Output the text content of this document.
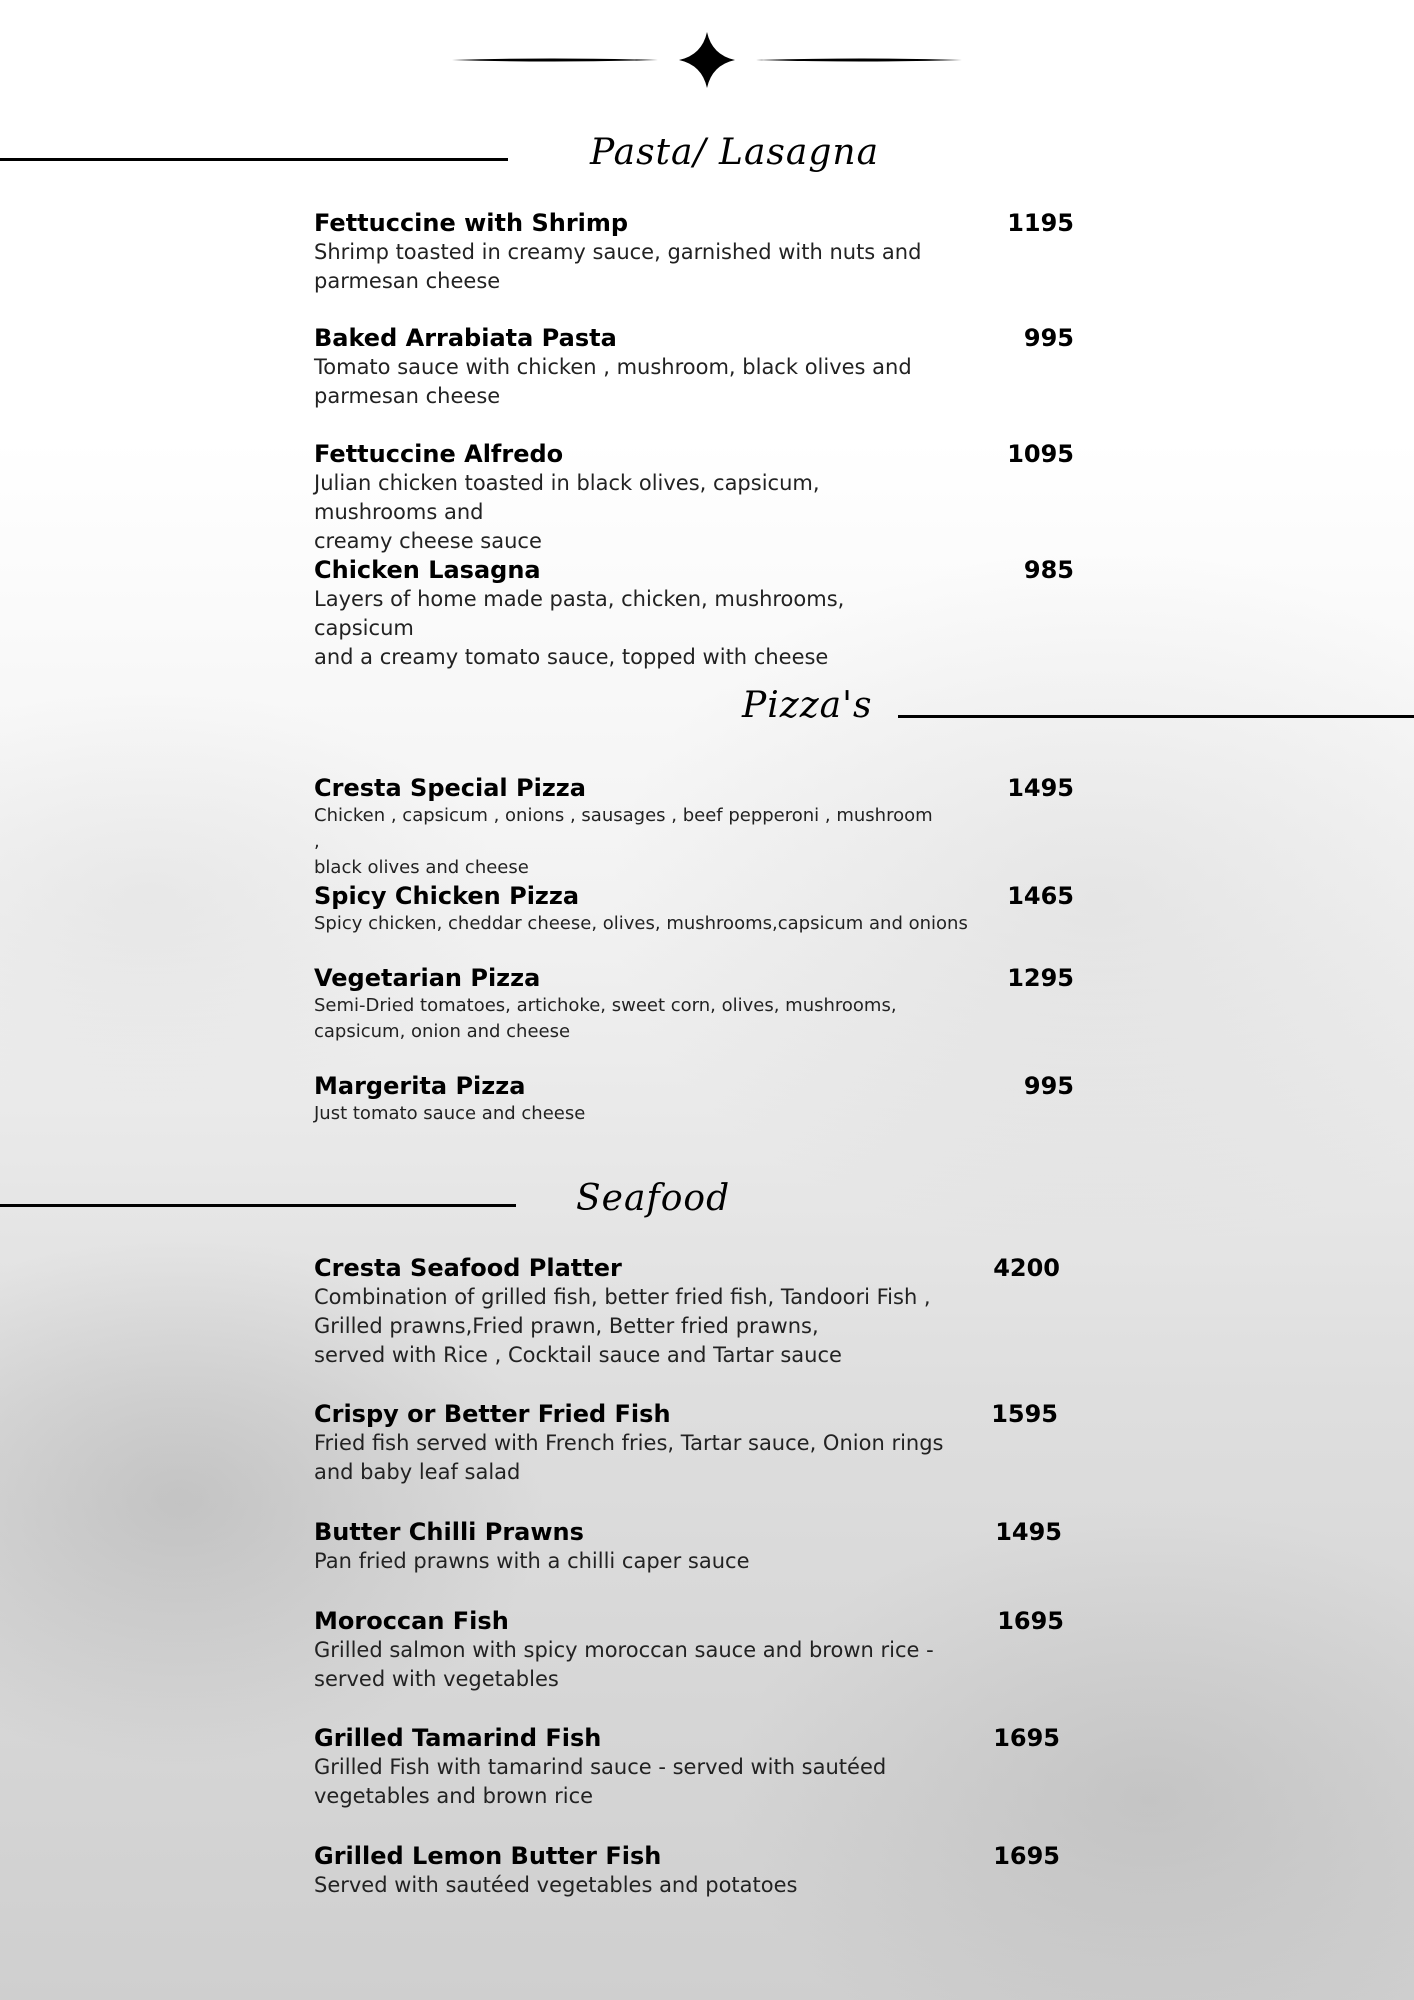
Pasta/ Lasagna
Fettuccine with Shrimp	1195
Shrimp toasted in creamy sauce, garnished with nuts and
parmesan cheese
Baked Arrabiata Pasta	995
Tomato sauce with chicken , mushroom, black olives and
parmesan cheese
Fettuccine Alfredo	1095
Julian chicken toasted in black olives, capsicum, mushrooms and
creamy cheese sauce
Chicken Lasagna	985
Layers of home made pasta, chicken, mushrooms, capsicum
and a creamy tomato sauce, topped with cheese
Pizza's
Cresta Special Pizza	1495
Chicken , capsicum , onions , sausages , beef pepperoni , mushroom ,
black olives and cheese
Spicy Chicken Pizza	1465
Spicy chicken, cheddar cheese, olives, mushrooms,capsicum and onions
Vegetarian Pizza	1295
Semi-Dried tomatoes, artichoke, sweet corn, olives, mushrooms,
capsicum, onion and cheese
Margerita Pizza	995
Just tomato sauce and cheese
Seafood
Cresta Seafood Platter	4200
Combination of grilled fish, better fried fish, Tandoori Fish ,
Grilled prawns,Fried prawn, Better fried prawns,
served with Rice , Cocktail sauce and Tartar sauce
Crispy or Better Fried Fish	1595
Fried fish served with French fries, Tartar sauce, Onion rings
and baby leaf salad
Butter Chilli Prawns	1495
Pan fried prawns with a chilli caper sauce
Moroccan Fish	1695
Grilled salmon with spicy moroccan sauce and brown rice -
served with vegetables
Grilled Tamarind Fish	1695
Grilled Fish with tamarind sauce - served with sautéed
vegetables and brown rice
Grilled Lemon Butter Fish	1695
Served with sautéed vegetables and potatoes
